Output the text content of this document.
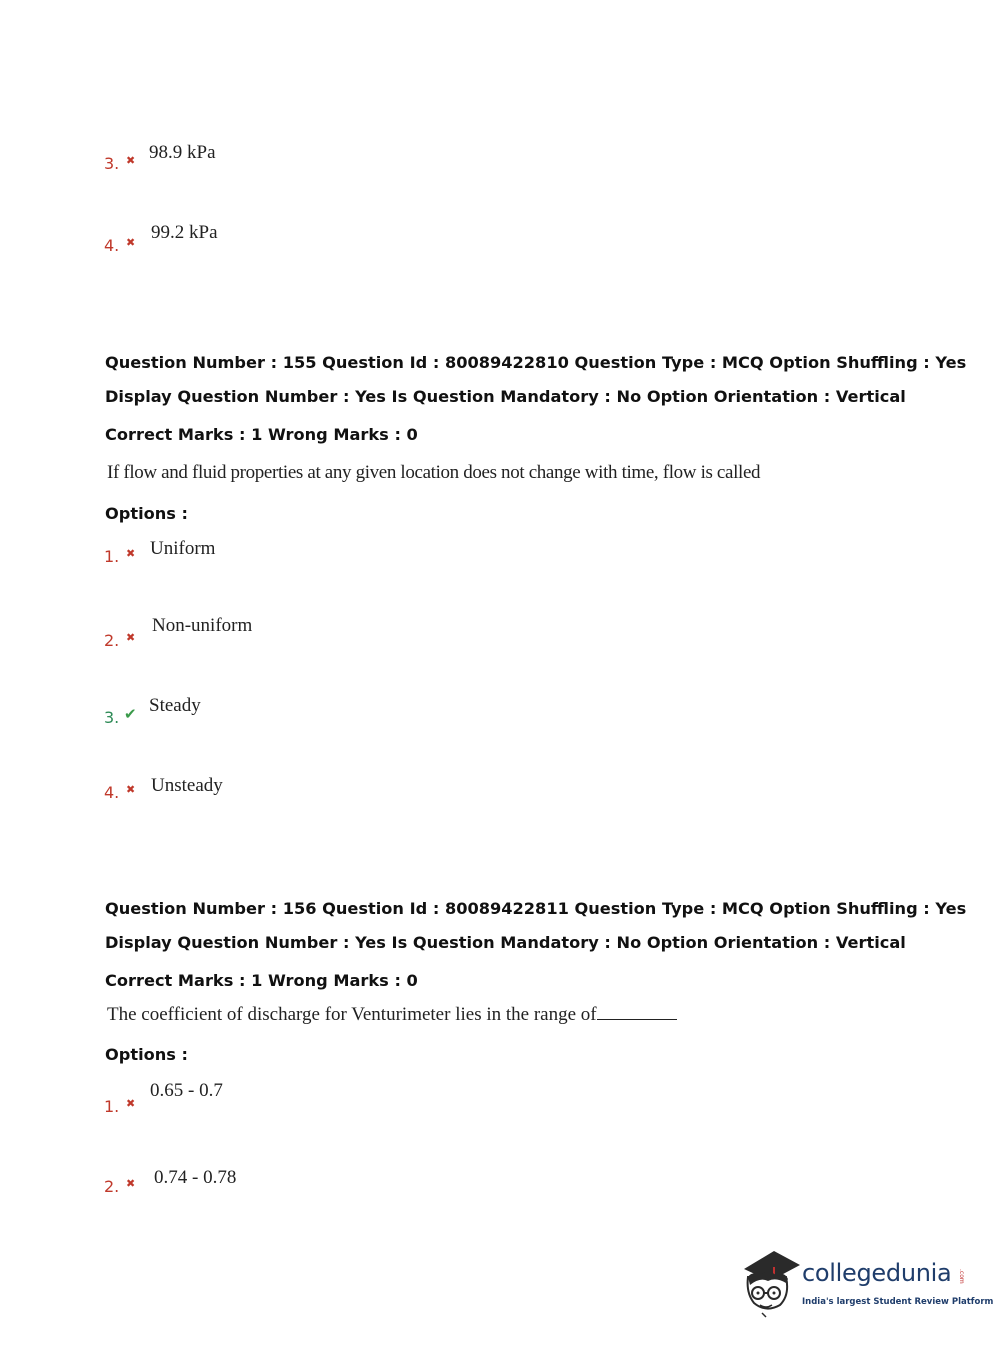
3. ✖ 98.9 kPa
4. ✖ 99.2 kPa
Question Number : 155 Question Id : 80089422810 Question Type : MCQ Option Shuffling : Yes
Display Question Number : Yes Is Question Mandatory : No Option Orientation : Vertical
Correct Marks : 1 Wrong Marks : 0
If flow and fluid properties at any given location does not change with time, flow is called
Options :
1. ✖ Uniform
2. ✖
Non-uniform
3. ✔ Steady
4. ✖ Unsteady
Question Number : 156 Question Id : 80089422811 Question Type : MCQ Option Shuffling : Yes
Display Question Number : Yes Is Question Mandatory : No Option Orientation : Vertical
Correct Marks : 1 Wrong Marks : 0
The coefficient of discharge for Venturimeter lies in the range of
Options :
1. ✖
0.65 - 0.7
2. ✖ 0.74 - 0.78
collegedunia .com
India's largest Student Review Platform
